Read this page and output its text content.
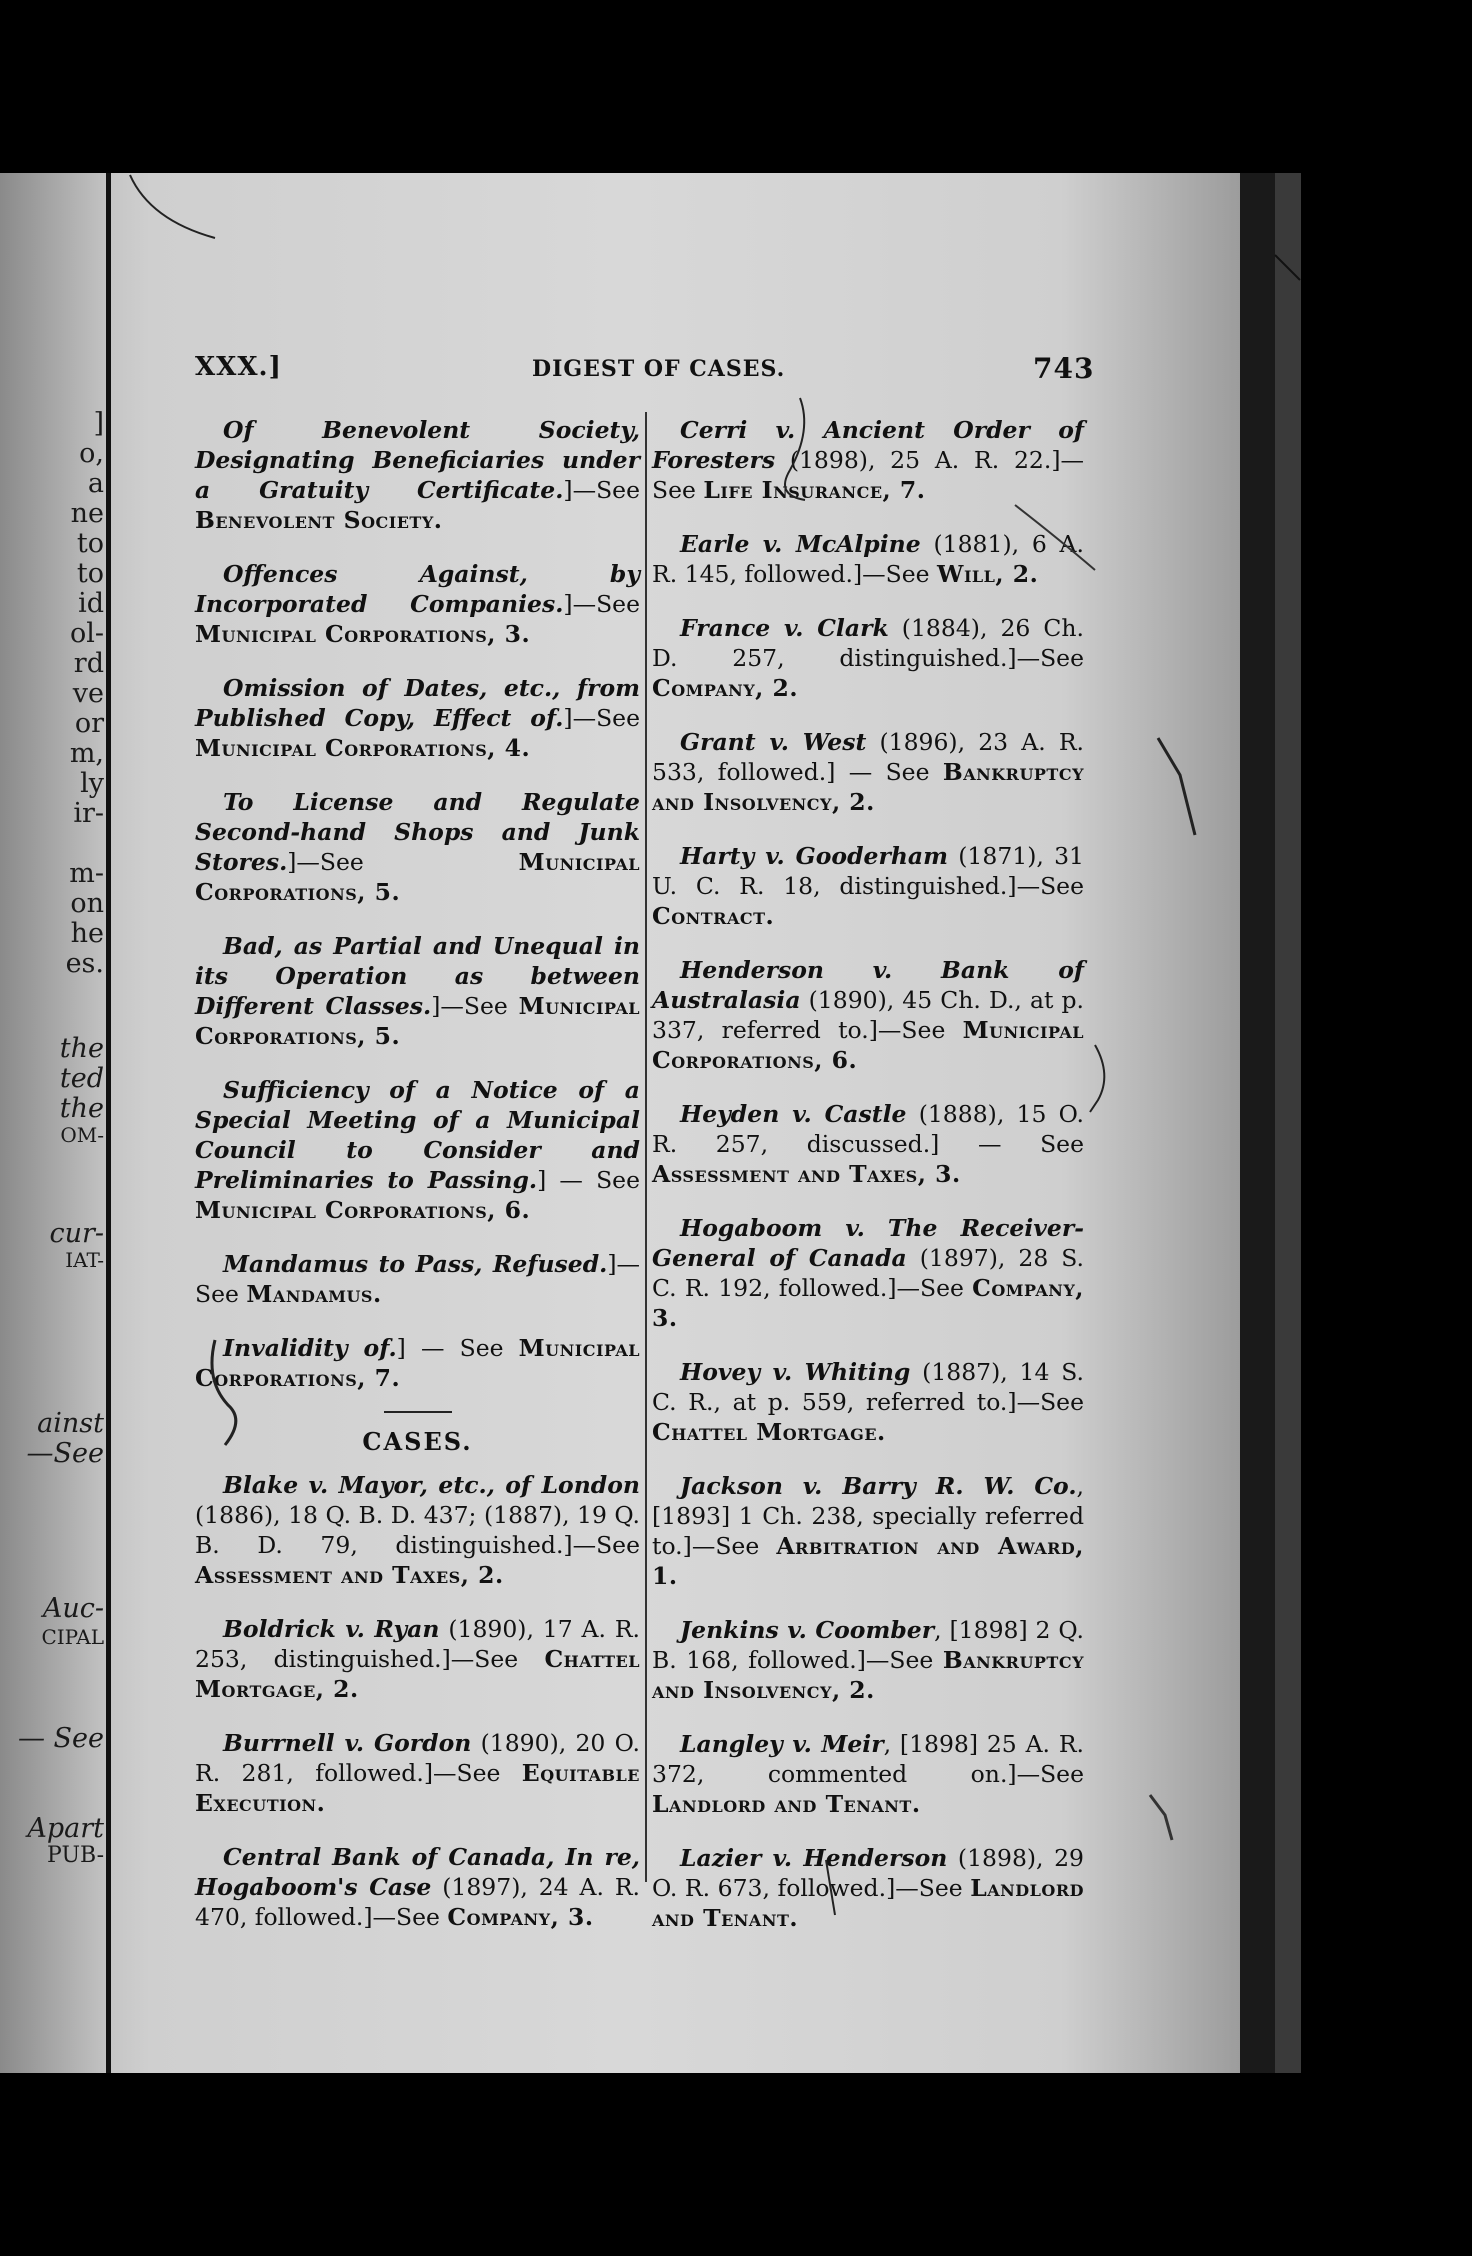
]
o,
a
ne
to
to
id
ol-
rd
ve
or
m,
ly
ir-
m-
on
he
es.
the
ted
the
OM-
cur-
IAT-
ainst
—See
Auc-
CIPAL
— See
Apart
PUB-
XXX.]	DIGEST OF CASES.	743
Of Benevolent Society, Designating Beneficiaries under a Gratuity Certificate.]—See Benevolent Society.
Offences Against, by Incorporated Companies.]—See Municipal Corporations, 3.
Omission of Dates, etc., from Published Copy, Effect of.]—See Municipal Corporations, 4.
To License and Regulate Second-hand Shops and Junk Stores.]—See Municipal Corporations, 5.
Bad, as Partial and Unequal in its Operation as between Different Classes.]—See Municipal Corporations, 5.
Sufficiency of a Notice of a Special Meeting of a Municipal Council to Consider and Preliminaries to Passing.] — See Municipal Corporations, 6.
Mandamus to Pass, Refused.]—See Mandamus.
Invalidity of.] — See Municipal Corporations, 7.
CASES.
Blake v. Mayor, etc., of London (1886), 18 Q. B. D. 437; (1887), 19 Q. B. D. 79, distinguished.]—See Assessment and Taxes, 2.
Boldrick v. Ryan (1890), 17 A. R. 253, distinguished.]—See Chattel Mortgage, 2.
Burrnell v. Gordon (1890), 20 O. R. 281, followed.]—See Equitable Execution.
Central Bank of Canada, In re, Hogaboom's Case (1897), 24 A. R. 470, followed.]—See Company, 3.
Cerri v. Ancient Order of Foresters (1898), 25 A. R. 22.]—See Life Insurance, 7.
Earle v. McAlpine (1881), 6 A. R. 145, followed.]—See Will, 2.
France v. Clark (1884), 26 Ch. D. 257, distinguished.]—See Company, 2.
Grant v. West (1896), 23 A. R. 533, followed.] — See Bankruptcy and Insolvency, 2.
Harty v. Gooderham (1871), 31 U. C. R. 18, distinguished.]—See Contract.
Henderson v. Bank of Australasia (1890), 45 Ch. D., at p. 337, referred to.]—See Municipal Corporations, 6.
Heyden v. Castle (1888), 15 O. R. 257, discussed.] — See Assessment and Taxes, 3.
Hogaboom v. The Receiver-General of Canada (1897), 28 S. C. R. 192, followed.]—See Company, 3.
Hovey v. Whiting (1887), 14 S. C. R., at p. 559, referred to.]—See Chattel Mortgage.
Jackson v. Barry R. W. Co., [1893] 1 Ch. 238, specially referred to.]—See Arbitration and Award, 1.
Jenkins v. Coomber, [1898] 2 Q. B. 168, followed.]—See Bankruptcy and Insolvency, 2.
Langley v. Meir, [1898] 25 A. R. 372, commented on.]—See Landlord and Tenant.
Lazier v. Henderson (1898), 29 O. R. 673, followed.]—See Landlord and Tenant.
